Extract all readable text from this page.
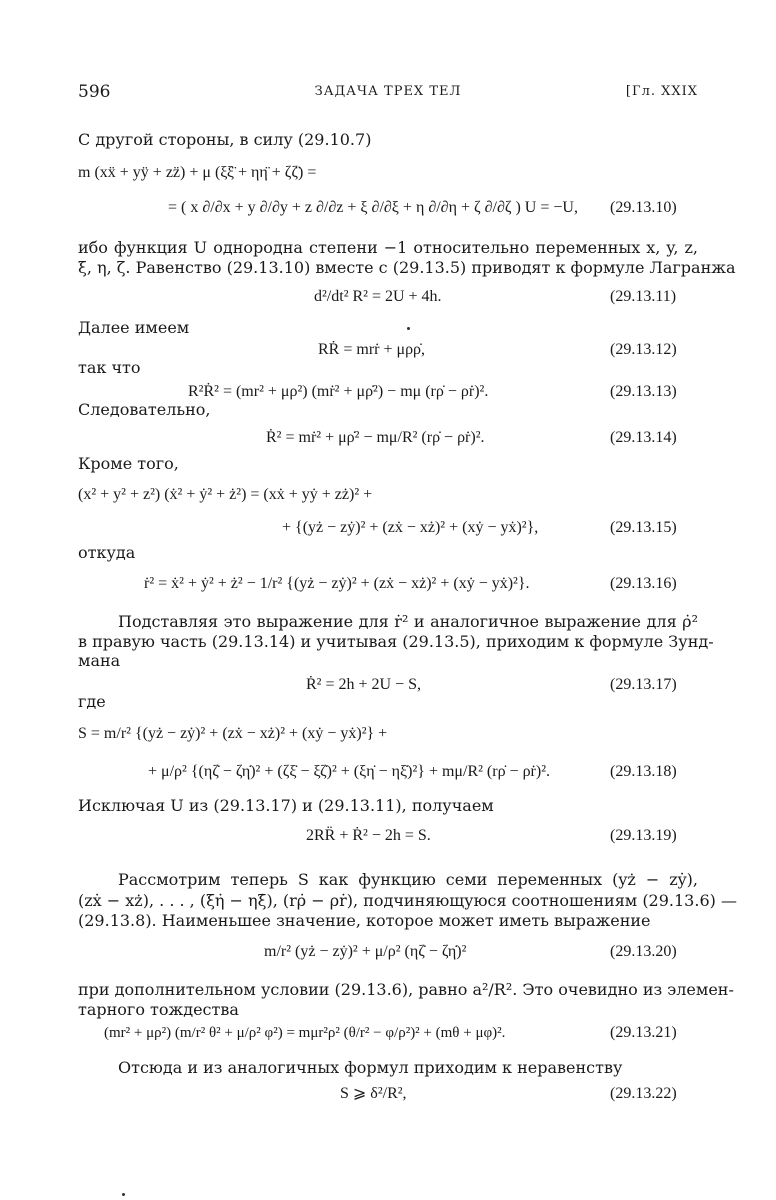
596	ЗАДАЧА ТРЕХ ТЕЛ	[Гл. XXIX
С другой стороны, в силу (29.10.7)
m (xẍ + yÿ + zz̈) + μ (ξξ̈ + ηη̈ + ζζ̈) =
= ( x ∂/∂x + y ∂/∂y + z ∂/∂z + ξ ∂/∂ξ + η ∂/∂η + ζ ∂/∂ζ ) U = −U, (29.13.10)
ибо функция U однородна степени −1 относительно переменных x, y, z,
ξ, η, ζ. Равенство (29.13.10) вместе с (29.13.5) приводят к формуле Лагранжа
d²/dt² R² = 2U + 4h.	(29.13.11)
Далее имеем
RṘ = mrṙ + μρρ̇,	(29.13.12)
так что
R²Ṙ² = (mr² + μρ²) (mṙ² + μρ̇²) − mμ (rρ̇ − ρṙ)².	(29.13.13)
Следовательно,
Ṙ² = mṙ² + μρ̇² − mμ/R² (rρ̇ − ρṙ)².	(29.13.14)
Кроме того,
(x² + y² + z²) (ẋ² + ẏ² + ż²) = (xẋ + yẏ + zż)² +
+ {(yż − zẏ)² + (zẋ − xż)² + (xẏ − yẋ)²},	(29.13.15)
откуда
ṙ² = ẋ² + ẏ² + ż² − 1/r² {(yż − zẏ)² + (zẋ − xż)² + (xẏ − yẋ)²}.	(29.13.16)
Подставляя это выражение для ṙ² и аналогичное выражение для ρ̇²
в правую часть (29.13.14) и учитывая (29.13.5), приходим к формуле Зунд-
мана
Ṙ² = 2h + 2U − S,	(29.13.17)
где
S = m/r² {(yż − zẏ)² + (zẋ − xż)² + (xẏ − yẋ)²} +
+ μ/ρ² {(ηζ̇ − ζη̇)² + (ζξ̇ − ξζ̇)² + (ξη̇ − ηξ̇)²} + mμ/R² (rρ̇ − ρṙ)².	(29.13.18)
Исключая U из (29.13.17) и (29.13.11), получаем
2RR̈ + Ṙ² − 2h = S.	(29.13.19)
Рассмотрим теперь S как функцию семи переменных (yż − zẏ),
(zẋ − xż), . . . , (ξη̇ − ηξ̇), (rρ̇ − ρṙ), подчиняющуюся соотношениям (29.13.6) —
(29.13.8). Наименьшее значение, которое может иметь выражение
m/r² (yż − zẏ)² + μ/ρ² (ηζ̇ − ζη̇)²	(29.13.20)
при дополнительном условии (29.13.6), равно a²/R². Это очевидно из элемен-
тарного тождества
(mr² + μρ²) (m/r² θ² + μ/ρ² φ²) = mμr²ρ² (θ/r² − φ/ρ²)² + (mθ + μφ)².	(29.13.21)
Отсюда и из аналогичных формул приходим к неравенству
S ⩾ δ²/R²,	(29.13.22)
